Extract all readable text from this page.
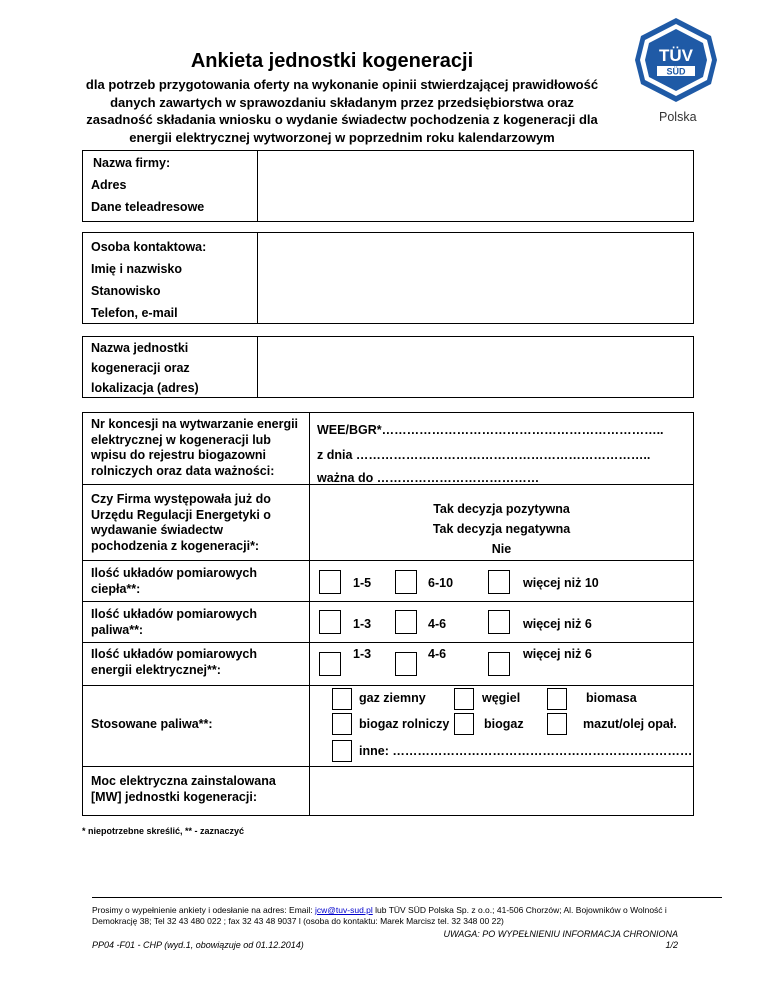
Ankieta jednostki kogeneracji
dla potrzeb przygotowania oferty na wykonanie opinii stwierdzającej prawidłowość
danych zawartych w sprawozdaniu składanym przez przedsiębiorstwa oraz
zasadność składania wniosku o wydanie świadectw pochodzenia z kogeneracji dla
energii elektrycznej wytworzonej w poprzednim roku kalendarzowym
TÜV
SÜD
Polska
Nazwa firmy:
Adres
Dane teleadresowe
Osoba kontaktowa:
Imię i nazwisko
Stanowisko
Telefon, e-mail
Nazwa jednostki
kogeneracji oraz
lokalizacja (adres)
Nr koncesji na wytwarzanie energii
elektrycznej w kogeneracji lub
wpisu do rejestru biogazowni
rolniczych oraz data ważności:
WEE/BGR*…………………………………………………………..
z dnia ……………………………………………………………..
ważna do …………………………………
Czy Firma występowała już do
Urzędu Regulacji Energetyki o
wydawanie świadectw
pochodzenia z kogeneracji*:
Tak decyzja pozytywna
Tak decyzja negatywna
Nie
Ilość układów pomiarowych
ciepła**:	1-5	6-10	więcej niż 10
Ilość układów pomiarowych
paliwa**:	1-3	4-6	więcej niż 6
Ilość układów pomiarowych
energii elektrycznej**:
1-3	4-6	więcej niż 6
Stosowane paliwa**:
gaz ziemny	węgiel	biomasa
biogaz rolniczy	biogaz	mazut/olej opał.
inne: ………………………………………………………………
Moc elektryczna zainstalowana
[MW] jednostki kogeneracji:
* niepotrzebne skreślić, ** - zaznaczyć
Prosimy o wypełnienie ankiety i odesłanie na adres: Email: jcw@tuv-sud.pl lub TÜV SÜD Polska Sp. z o.o.; 41-506 Chorzów; Al. Bojowników o Wolność i
Demokrację 38; Tel 32 43 480 022 ; fax 32 43 48 9037 l (osoba do kontaktu: Marek Marcisz tel. 32 348 00 22)
UWAGA: PO WYPEŁNIENIU INFORMACJA CHRONIONA
PP04 -F01 - CHP (wyd.1, obowiązuje od 01.12.2014)	1/2
